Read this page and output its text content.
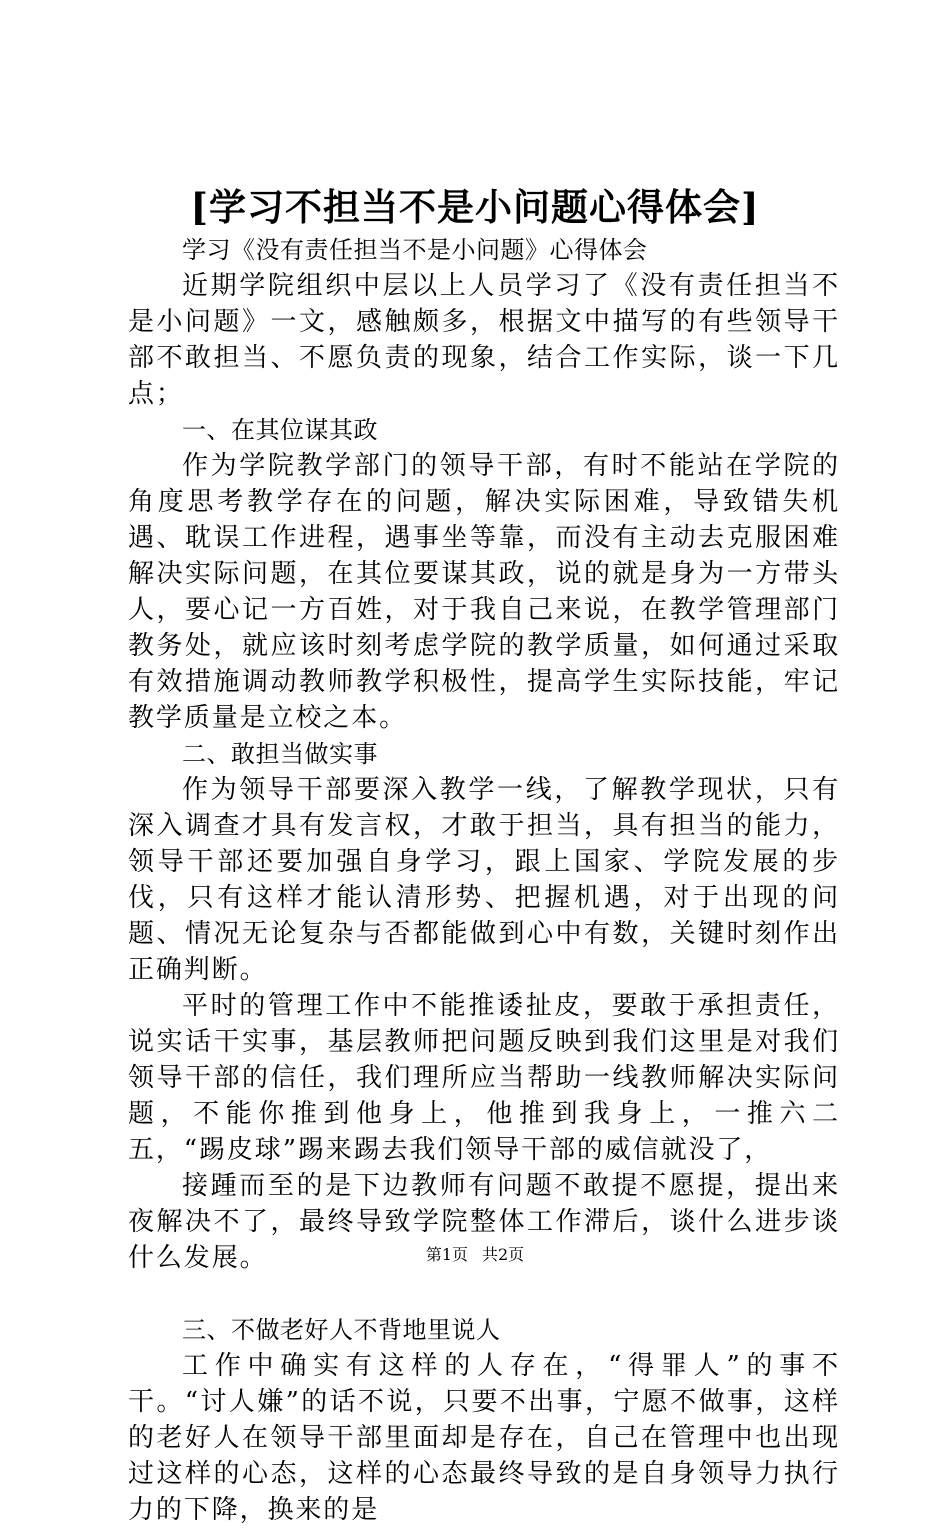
[学习不担当不是小问题心得体会]

学习《没有责任担当不是小问题》心得体会

近期学院组织中层以上人员学习了《没有责任担当不是小问题》一文，感触颇多，根据文中描写的有些领导干部不敢担当、不愿负责的现象，结合工作实际，谈一下几点；

一、在其位谋其政

作为学院教学部门的领导干部，有时不能站在学院的角度思考教学存在的问题，解决实际困难，导致错失机遇、耽误工作进程，遇事坐等靠，而没有主动去克服困难解决实际问题，在其位要谋其政，说的就是身为一方带头人，要心记一方百姓，对于我自己来说，在教学管理部门教务处，就应该时刻考虑学院的教学质量，如何通过采取有效措施调动教师教学积极性，提高学生实际技能，牢记教学质量是立校之本。

二、敢担当做实事

作为领导干部要深入教学一线，了解教学现状，只有深入调查才具有发言权，才敢于担当，具有担当的能力，领导干部还要加强自身学习，跟上国家、学院发展的步伐，只有这样才能认清形势、把握机遇，对于出现的问题、情况无论复杂与否都能做到心中有数，关键时刻作出正确判断。

平时的管理工作中不能推诿扯皮，要敢于承担责任，说实话干实事，基层教师把问题反映到我们这里是对我们领导干部的信任，我们理所应当帮助一线教师解决实际问题，不能你推到他身上，他推到我身上，一推六二五，“踢皮球”踢来踢去我们领导干部的威信就没了，

接踵而至的是下边教师有问题不敢提不愿提，提出来夜解决不了，最终导致学院整体工作滞后，谈什么进步谈什么发展。

三、不做老好人不背地里说人

工作中确实有这样的人存在，“得罪人”的事不干。“讨人嫌”的话不说，只要不出事，宁愿不做事，这样的老好人在领导干部里面却是存在，自己在管理中也出现过这样的心态，这样的心态最终导致的是自身领导力执行力的下降，换来的是

第1页 共2页
